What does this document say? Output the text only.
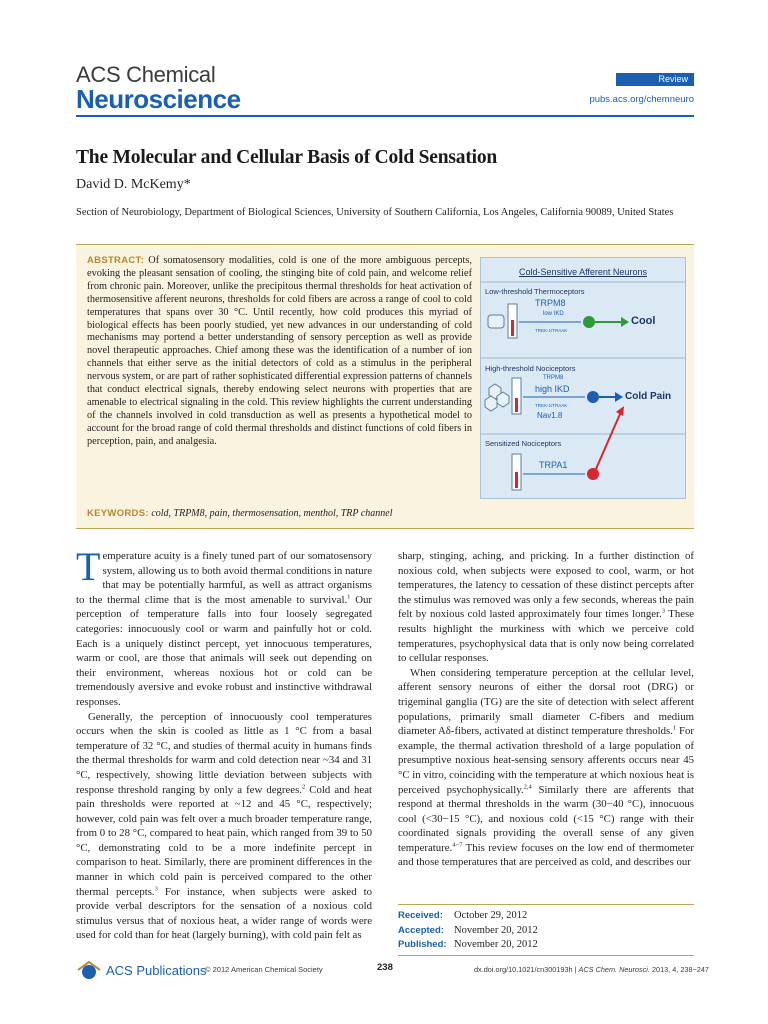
ACS Chemical
Neuroscience
Review
pubs.acs.org/chemneuro
The Molecular and Cellular Basis of Cold Sensation
David D. McKemy*
Section of Neurobiology, Department of Biological Sciences, University of Southern California, Los Angeles, California 90089, United States

ABSTRACT: Of somatosensory modalities, cold is one of the more ambiguous percepts, evoking the pleasant sensation of cooling, the stinging bite of cold pain, and welcome relief from chronic pain. Moreover, unlike the precipitous thermal thresholds for heat activation of thermosensitive afferent neurons, thresholds for cold fibers are across a range of cool to cold temperatures that spans over 30 °C. Until recently, how cold produces this myriad of biological effects has been poorly studied, yet new advances in our understanding of cold mechanisms may portend a better understanding of sensory perception as well as provide novel therapeutic approaches. Chief among these was the identification of a number of ion channels that either serve as the initial detectors of cold as a stimulus in the peripheral nervous system, or are part of rather sophisticated differential expression patterns of channels that conduct electrical signals, thereby endowing select neurons with properties that are amenable to electrical signaling in the cold. This review highlights the current understanding of the channels involved in cold transduction as well as presents a hypothetical model to account for the broad range of cold thermal thresholds and distinct functions of cold fibers in perception, pain, and analgesia.

Cold-Sensitive Afferent Neurons
Low-threshold Thermoceptors
TRPM8
low IKD
TREK-1/TRAAK
Cool
High-threshold Nociceptors
TRPM8
high IKD
TREK-1/TRAAK
Nav1.8
Cold Pain
Sensitized Nociceptors
TRPA1
KEYWORDS: cold, TRPM8, pain, thermosensation, menthol, TRP channel

Temperature acuity is a finely tuned part of our somatosensory system, allowing us to both avoid thermal conditions in nature that may be potentially harmful, as well as attract organisms to the thermal clime that is the most amenable to survival.$^1$ Our perception of temperature falls into four loosely segregated categories: innocuously cool or warm and painfully hot or cold. Each is a uniquely distinct percept, yet innocuous temperatures, warm or cool, are those that animals will seek out depending on their environment, whereas noxious hot or cold can be tremendously aversive and evoke robust and instinctive withdrawal responses.

Generally, the perception of innocuously cool temperatures occurs when the skin is cooled as little as 1 °C from a basal temperature of 32 °C, and studies of thermal acuity in humans finds the thermal thresholds for warm and cold detection near ~34 and 31 °C, respectively, showing little deviation between subjects with response threshold ranging by only a few degrees.$^2$ Cold and heat pain thresholds were reported at ~12 and 45 °C, respectively; however, cold pain was felt over a much broader temperature range, from 0 to 28 °C, compared to heat pain, which ranged from 39 to 50 °C, demonstrating cold to be a more indefinite percept in comparison to heat. Similarly, there are prominent differences in the manner in which cold pain is perceived compared to the other thermal percepts.$^3$ For instance, when subjects were asked to provide verbal descriptors for the sensation of a noxious cold stimulus versus that of noxious heat, a wider range of words were used for cold than for heat (largely burning), with cold pain felt as

sharp, stinging, aching, and pricking. In a further distinction of noxious cold, when subjects were exposed to cool, warm, or hot temperatures, the latency to cessation of these distinct percepts after the stimulus was removed was only a few seconds, whereas the pain felt by noxious cold lasted approximately four times longer.$^3$ These results highlight the murkiness with which we perceive cold temperatures, psychophysical data that is only now being correlated to cellular responses.

When considering temperature perception at the cellular level, afferent sensory neurons of either the dorsal root (DRG) or trigeminal ganglia (TG) are the site of detection with select afferent populations, primarily small diameter C-fibers and medium diameter Aδ-fibers, activated at distinct temperature thresholds.$^1$ For example, the thermal activation threshold of a large population of presumptive noxious heat-sensing sensory afferents occurs near 45 °C in vitro, coinciding with the temperature at which noxious heat is perceived psychophysically.$^{2,4}$ Similarly there are afferents that respond at thermal thresholds in the warm (30−40 °C), innocuous cool (<30−15 °C), and noxious cold (<15 °C) range with their coordinated signals providing the overall sense of any given temperature.$^{4-7}$ This review focuses on the low end of thermometer and those temperatures that are perceived as cold, and describes our

Received:	October 29, 2012
Accepted: November 20, 2012
Published: November 20, 2012
ACS Publications
© 2012 American Chemical Society	238	dx.doi.org/10.1021/cn300193h | ACS Chem. Neurosci. 2013, 4, 238−247
